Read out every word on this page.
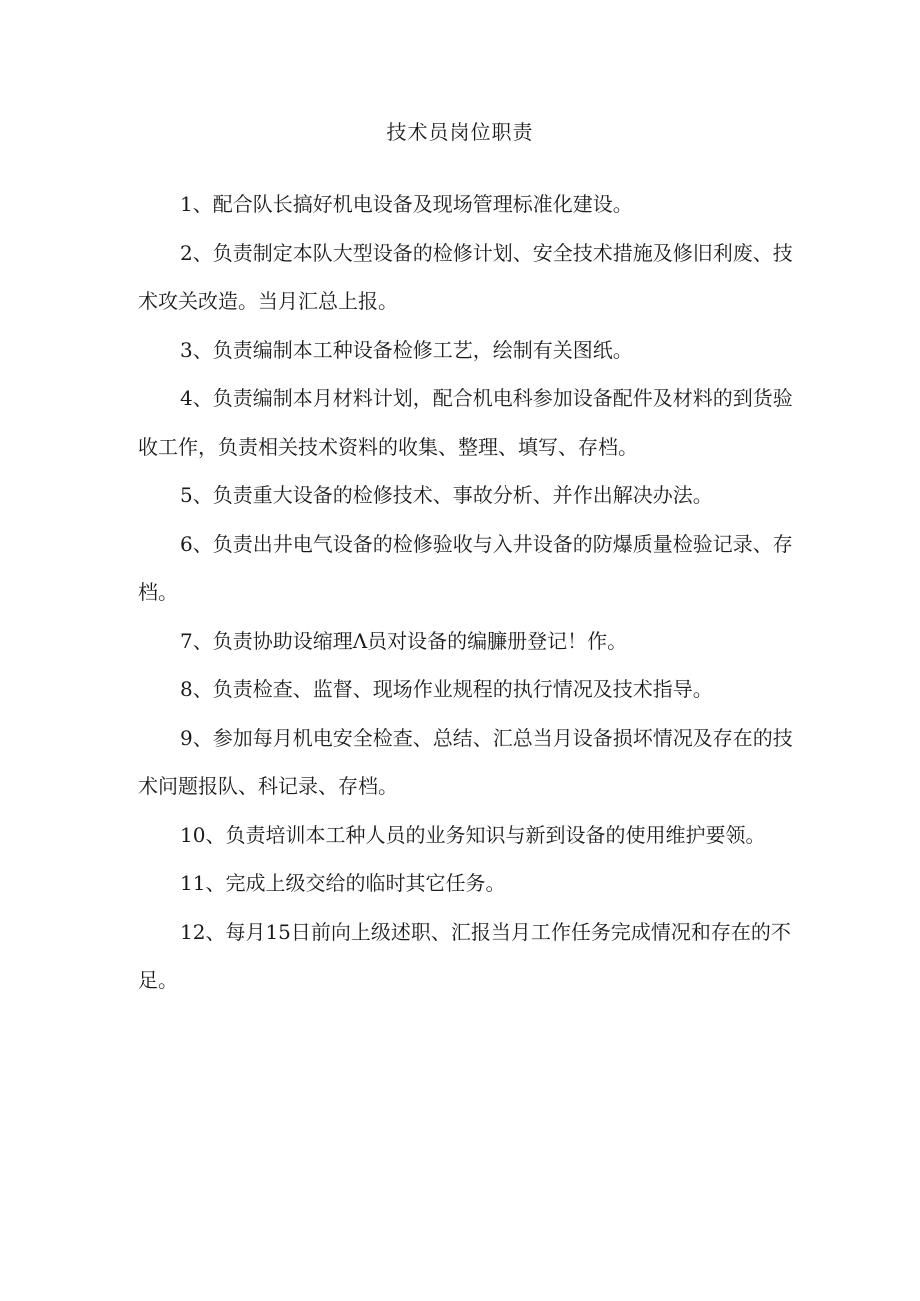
技术员岗位职责

1、配合队长搞好机电设备及现场管理标准化建设。

2、负责制定本队大型设备的检修计划、安全技术措施及修旧利废、技术攻关改造。当月汇总上报。

3、负责编制本工种设备检修工艺，绘制有关图纸。

4、负责编制本月材料计划，配合机电科参加设备配件及材料的到货验收工作，负责相关技术资料的收集、整理、填写、存档。

5、负责重大设备的检修技术、事故分析、并作出解决办法。

6、负责出井电气设备的检修验收与入井设备的防爆质量检验记录、存档。

7、负责协助设缩理Λ员对设备的编臁册登记！作。

8、负责检查、监督、现场作业规程的执行情况及技术指导。

9、参加每月机电安全检查、总结、汇总当月设备损坏情况及存在的技术问题报队、科记录、存档。

10、负责培训本工种人员的业务知识与新到设备的使用维护要领。

11、完成上级交给的临时其它任务。

12、每月15日前向上级述职、汇报当月工作任务完成情况和存在的不足。
